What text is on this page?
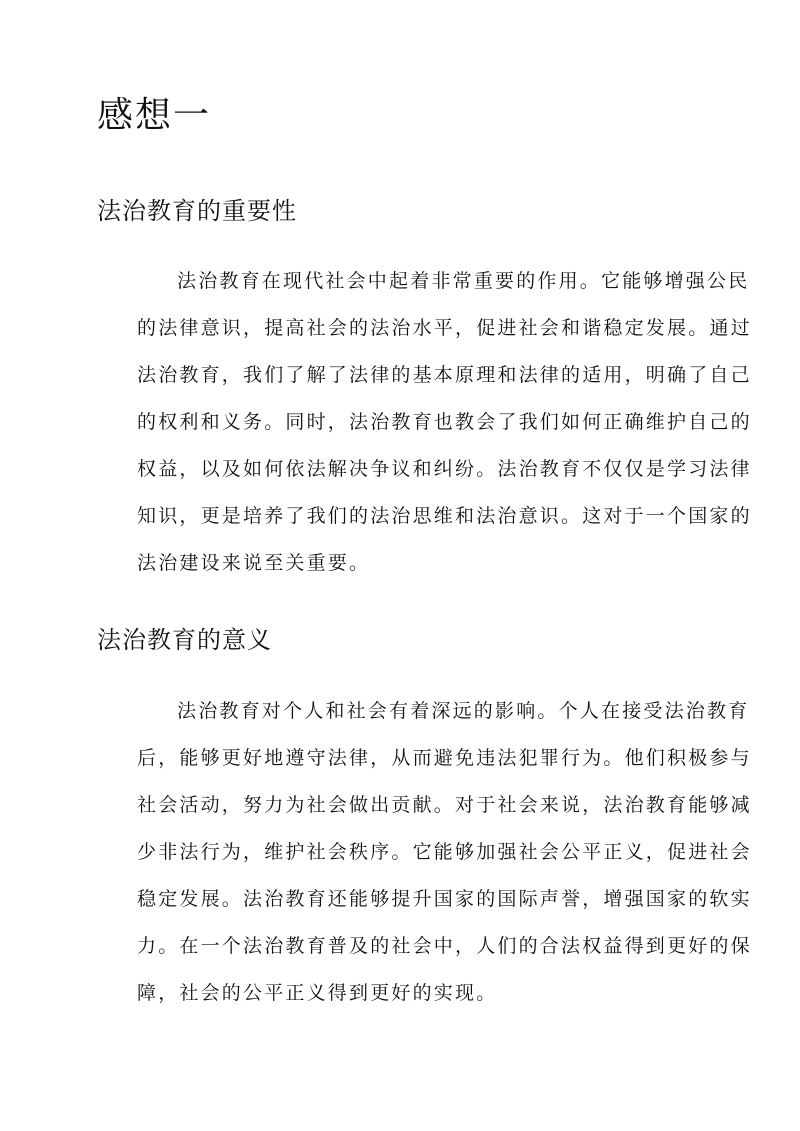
感想一
法治教育的重要性
法治教育在现代社会中起着非常重要的作用。它能够增强公民
的法律意识，提高社会的法治水平，促进社会和谐稳定发展。通过
法治教育，我们了解了法律的基本原理和法律的适用，明确了自己
的权利和义务。同时，法治教育也教会了我们如何正确维护自己的
权益，以及如何依法解决争议和纠纷。法治教育不仅仅是学习法律
知识，更是培养了我们的法治思维和法治意识。这对于一个国家的
法治建设来说至关重要。
法治教育的意义
法治教育对个人和社会有着深远的影响。个人在接受法治教育
后，能够更好地遵守法律，从而避免违法犯罪行为。他们积极参与
社会活动，努力为社会做出贡献。对于社会来说，法治教育能够减
少非法行为，维护社会秩序。它能够加强社会公平正义，促进社会
稳定发展。法治教育还能够提升国家的国际声誉，增强国家的软实
力。在一个法治教育普及的社会中，人们的合法权益得到更好的保
障，社会的公平正义得到更好的实现。
